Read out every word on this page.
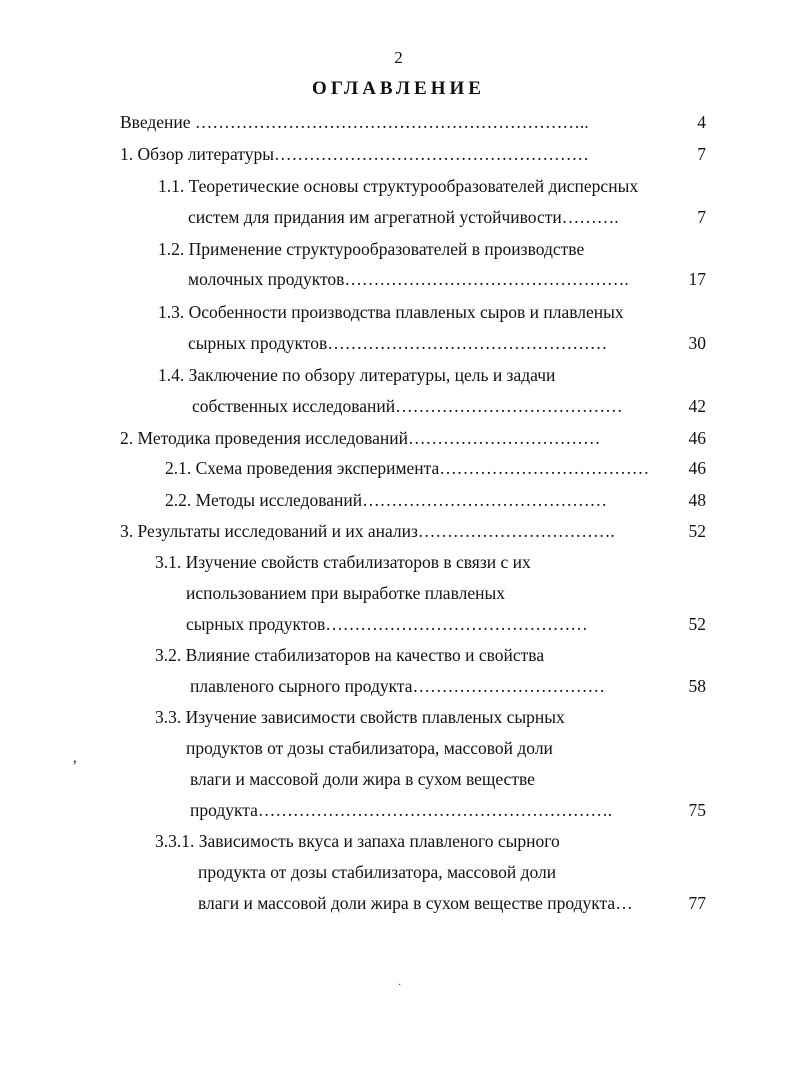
2
ОГЛАВЛЕНИЕ
Введение …………………………………………………………..	4
1. Обзор литературы………………………………………………	7
1.1. Теоретические основы структурообразователей дисперсных
систем для придания им агрегатной устойчивости……….	7
1.2. Применение структурообразователей в производстве
молочных продуктов………………………………………….	17
1.3. Особенности производства плавленых сыров и плавленых
сырных продуктов…………………………………………	30
1.4. Заключение по обзору литературы, цель и задачи
собственных исследований…………………………………	42
2. Методика проведения исследований……………………………	46
2.1. Схема проведения эксперимента………………………………	46
2.2. Методы исследований……………………………………	48
3. Результаты исследований и их анализ…………………………….	52
3.1. Изучение свойств стабилизаторов в связи с их
использованием при выработке плавленых
сырных продуктов………………………………………	52
3.2. Влияние стабилизаторов на качество и свойства
плавленого сырного продукта……………………………	58
3.3. Изучение зависимости свойств плавленых сырных
продуктов от дозы стабилизатора, массовой доли
влаги и массовой доли жира в сухом веществе
продукта…………………………………………………….	75
3.3.1. Зависимость вкуса и запаха плавленого сырного
продукта от дозы стабилизатора, массовой доли
влаги и массовой доли жира в сухом веществе продукта…	77
’
·
